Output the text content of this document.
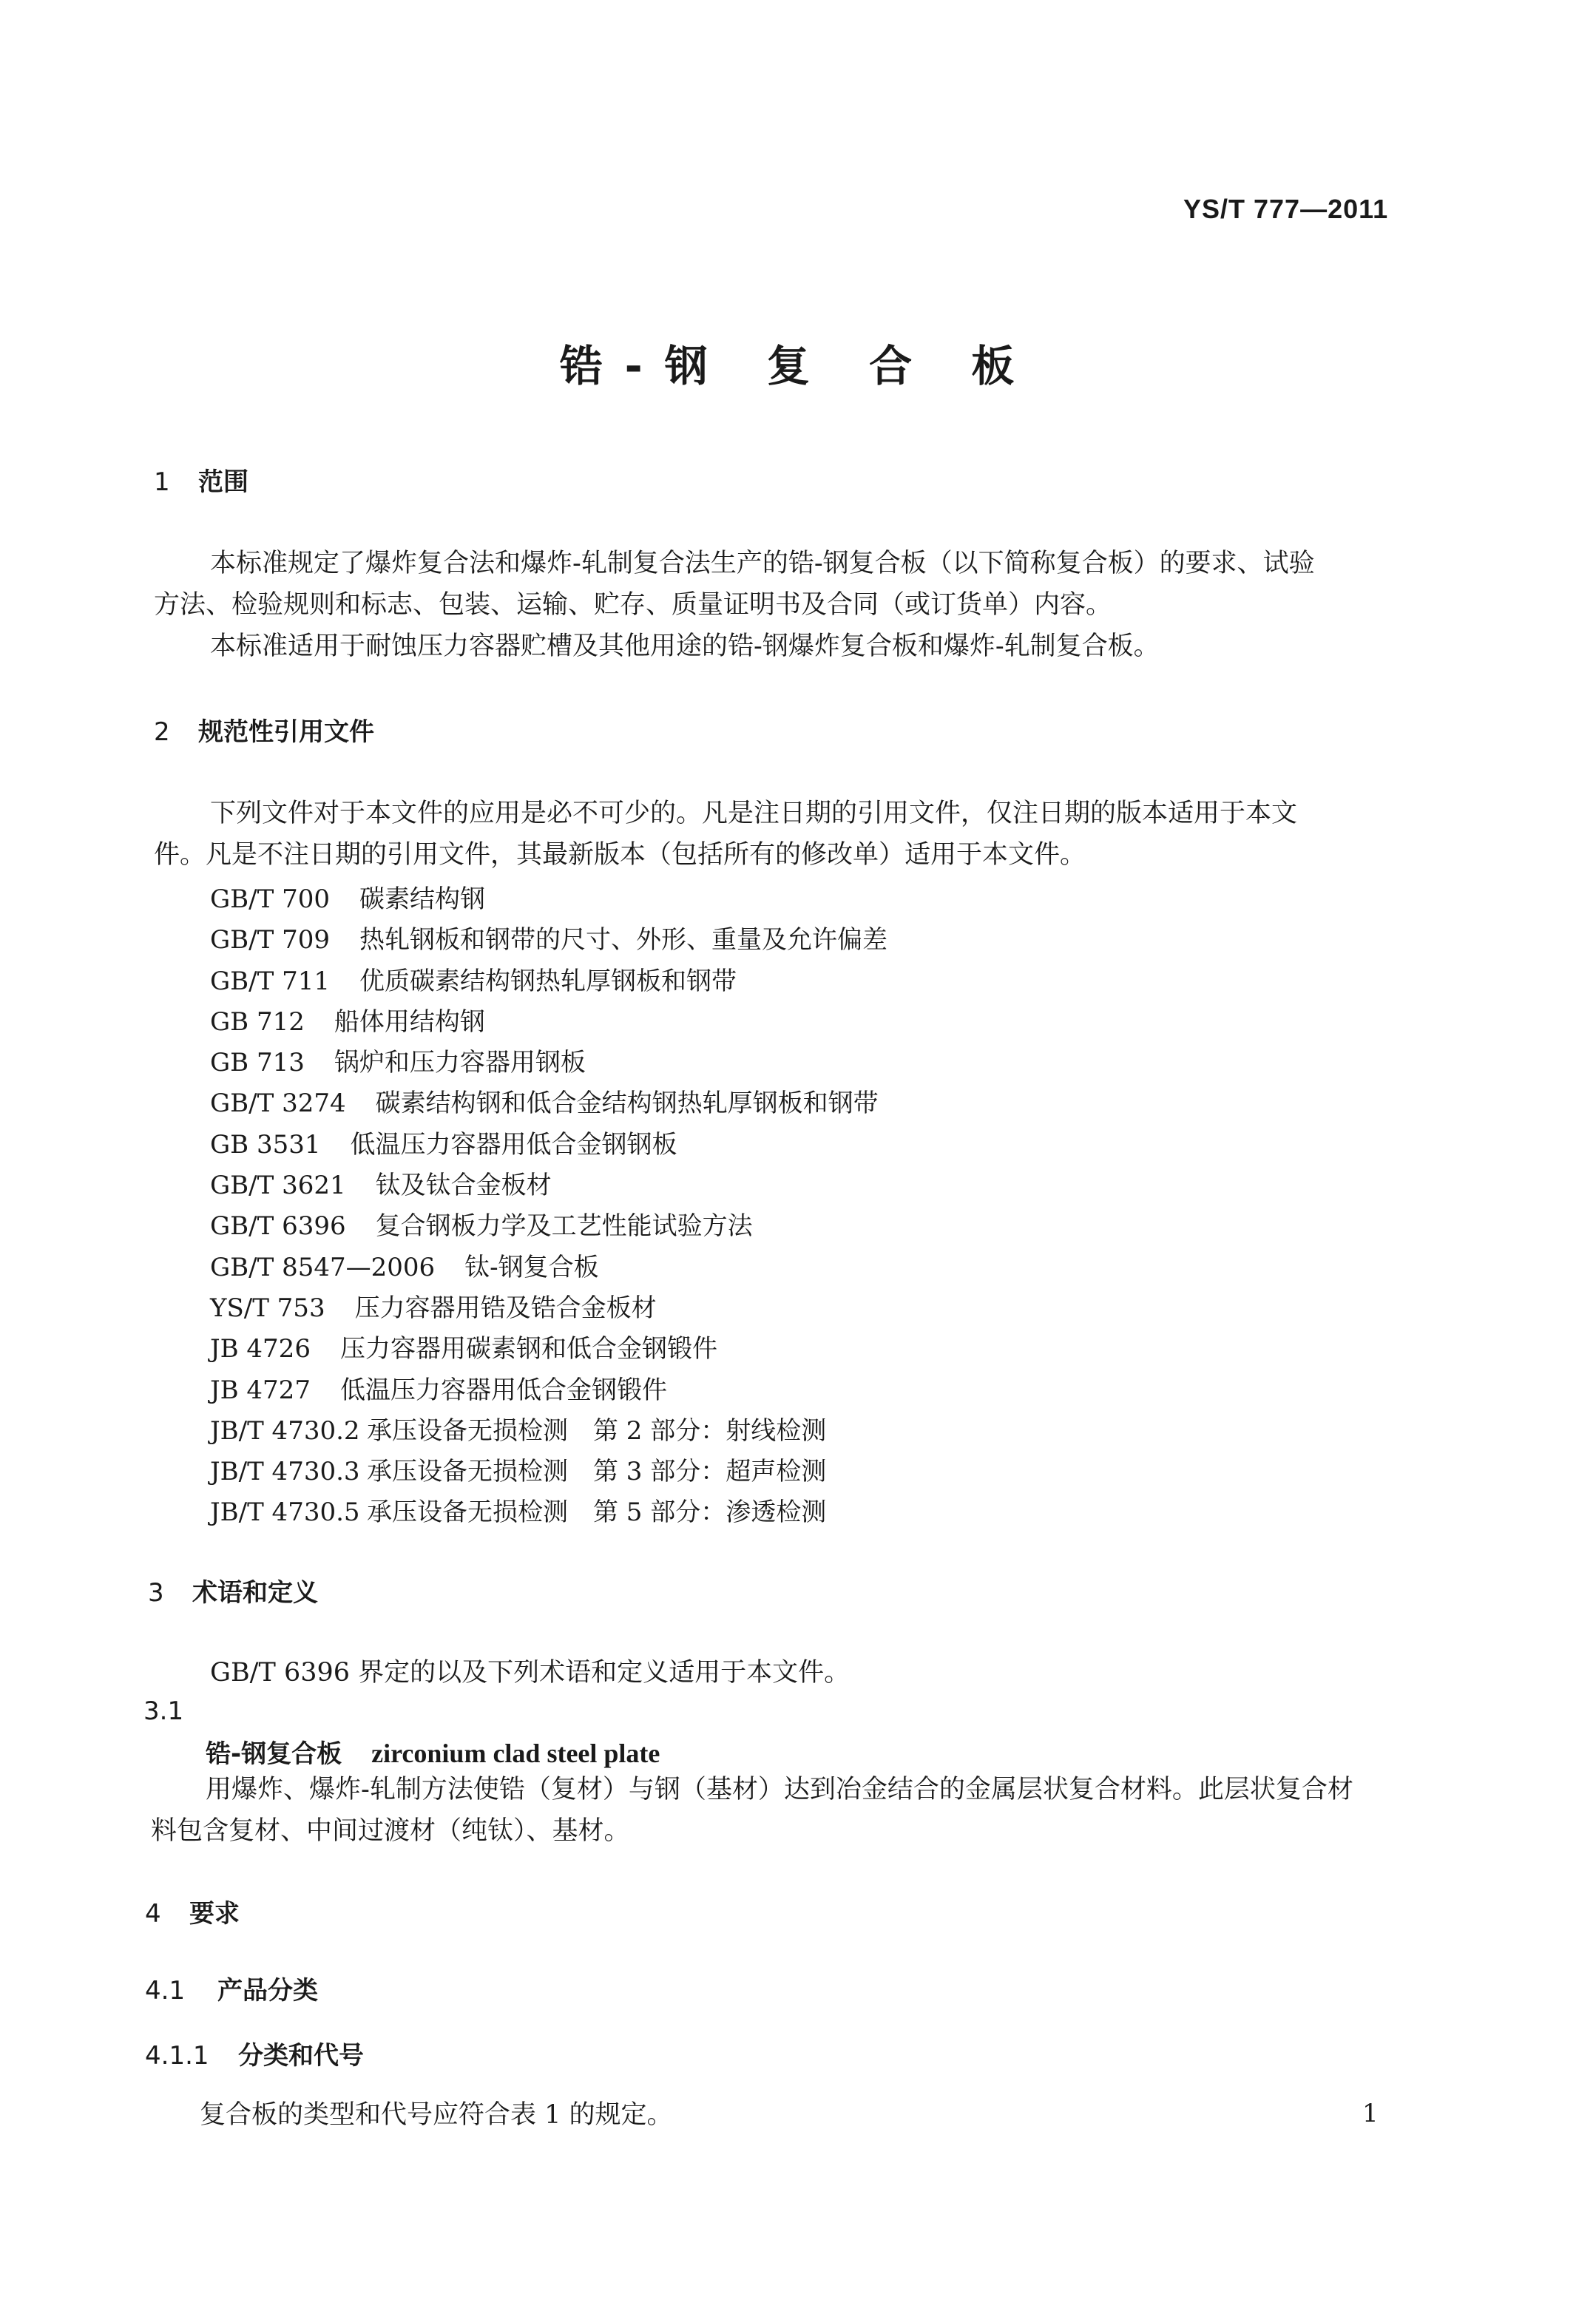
YS/T 777—2011
锆-钢 复 合 板
1 范围
本标准规定了爆炸复合法和爆炸-轧制复合法生产的锆-钢复合板（以下简称复合板）的要求、试验
方法、检验规则和标志、包装、运输、贮存、质量证明书及合同（或订货单）内容。
本标准适用于耐蚀压力容器贮槽及其他用途的锆-钢爆炸复合板和爆炸-轧制复合板。
2 规范性引用文件
下列文件对于本文件的应用是必不可少的。凡是注日期的引用文件，仅注日期的版本适用于本文
件。凡是不注日期的引用文件，其最新版本（包括所有的修改单）适用于本文件。
GB/T 700 碳素结构钢
GB/T 709 热轧钢板和钢带的尺寸、外形、重量及允许偏差
GB/T 711 优质碳素结构钢热轧厚钢板和钢带
GB 712 船体用结构钢
GB 713 锅炉和压力容器用钢板
GB/T 3274 碳素结构钢和低合金结构钢热轧厚钢板和钢带
GB 3531 低温压力容器用低合金钢钢板
GB/T 3621 钛及钛合金板材
GB/T 6396 复合钢板力学及工艺性能试验方法
GB/T 8547—2006 钛-钢复合板
YS/T 753 压力容器用锆及锆合金板材
JB 4726 压力容器用碳素钢和低合金钢锻件
JB 4727 低温压力容器用低合金钢锻件
JB/T 4730.2 承压设备无损检测　第 2 部分：射线检测
JB/T 4730.3 承压设备无损检测　第 3 部分：超声检测
JB/T 4730.5 承压设备无损检测　第 5 部分：渗透检测
3 术语和定义
GB/T 6396 界定的以及下列术语和定义适用于本文件。
3.1
锆-钢复合板 zirconium clad steel plate
用爆炸、爆炸-轧制方法使锆（复材）与钢（基材）达到冶金结合的金属层状复合材料。此层状复合材
料包含复材、中间过渡材（纯钛）、基材。
4 要求
4.1 产品分类
4.1.1 分类和代号
复合板的类型和代号应符合表 1 的规定。	1
